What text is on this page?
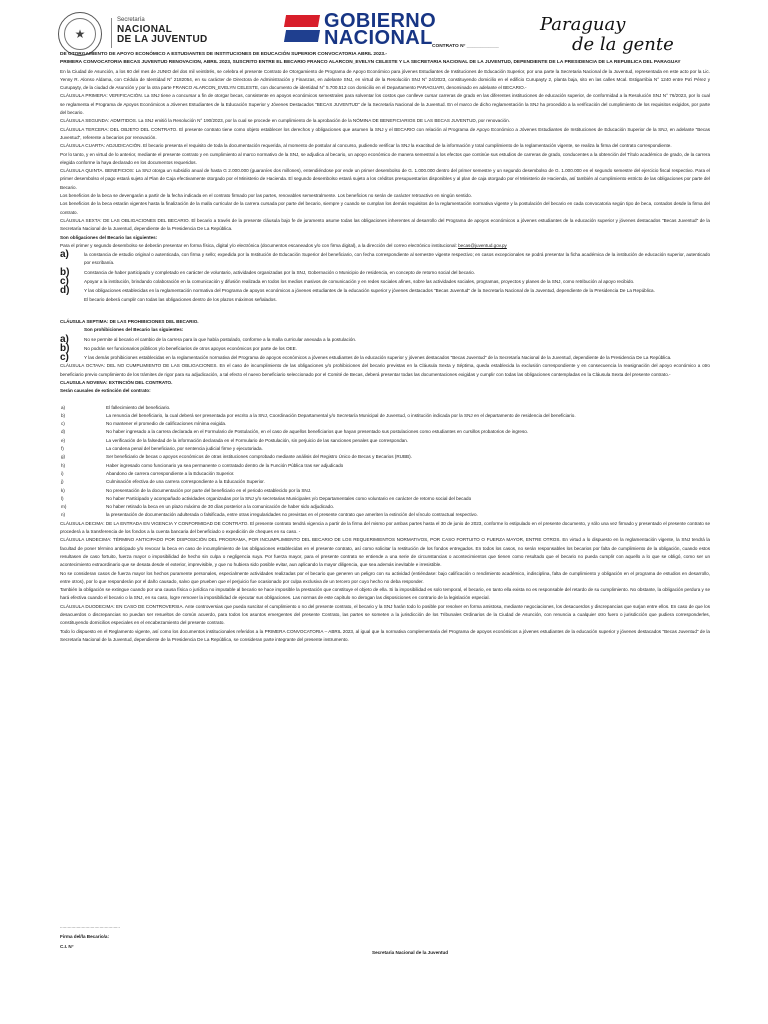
★
Secretaría
NACIONAL
DE LA JUVENTUD
GOBIERNO
NACIONAL
Paraguay
de la gente
CONTRATO N° ____________

DE OTORGAMIENTO DE APOYO ECONÓMICO A ESTUDIANTES DE INSTITUCIONES DE EDUCACIÓN SUPERIOR CONVOCATORIA ABRIL 2023.-

PRIMERA CONVOCATORIA BECAS JUVENTUD RENOVACION, ABRIL 2023, SUSCRITO ENTRE EL BECARIO FRANCO ALARCON_EVELYN CELESTE Y LA SECRETARIA NACIONAL DE LA JUVENTUD, DEPENDIENTE DE LA PRESIDENCIA DE LA REPUBLICA DEL PARAGUAY

En la Ciudad de Asunción, a los 60 del mes de JUNIO del dos mil veintitrés, se celebra el presente Contrato de Otorgamiento de Programa de Apoyo Económico para jóvenes Estudiantes de Instituciones de Educación Superior, por una parte la Secretaria Nacional de la Juventud, representada en este acto por la Lic. Yenny R. Alonso Aldama, con Cédula de Identidad N° 2182054, en su carácter de Directora de Administración y Finanzas, en adelante SNJ, en virtud de la Resolución SNJ N° 24/2023, constituyendo domicilio en el edificio Curupayty 2, planta baja, sito en las calles Mcal. Estigarribia N° 1240 entre Pa'i Pérez y Curupayty, de la ciudad de Asunción y por la otra parte FRANCO ALARCON_EVELYN CELESTE, con documento de identidad N° 5.700.512 con domicilio en el Departamento PARAGUARI, denominado en adelante el BECARIO.-

CLÁUSULA PRIMERA: VERIFICACIÓN. La SNJ tiene a concursar a fin de otorgar becas, consistente en apoyos económicos semestrales para solventar los costos que conlleve cursar carreras de grado en las diferentes instituciones de educación superior, de conformidad a la Resolución SNJ N° 76/2023, por lo cual se reglamenta el Programa de Apoyos Económicos a Jóvenes Estudiantes de la Educación Superior y Jóvenes Destacados "BECAS JUVENTUD" de la Secretaría Nacional de la Juventud. En el marco de dicho reglamentación la SNJ ha procedido a la verificación del cumplimiento de los requisitos exigidos, por parte del becario.

CLÁUSULA SEGUNDA: ADMITIDOS. La SNJ emitió la Resolución N° 190/2023, por la cual se procede en cumplimiento de la aprobación de la NÓMINA DE BENEFICIARIOS DE LAS BECAS JUVENTUD, por renovación.

CLÁUSULA TERCERA: DEL OBJETO DEL CONTRATO. El presente contrato tiene como objeto establecer los derechos y obligaciones que asumen la SNJ y el BECARIO con relación al Programa de Apoyo Económico a Jóvenes Estudiantes de Instituciones de Educación Superior de la SNJ, en adelante "Becas Juventud", referente a becarios por renovación.

CLÁUSULA CUARTA: ADJUDICACIÓN. El becario presenta el requisito de toda la documentación requerida, al momento de postular al concurso, pudiendo verificar la SNJ la exactitud de la información y total cumplimiento de la reglamentación vigente, se realiza la firma del contrato correspondiente.

Por lo tanto, y en virtud de lo anterior, mediante el presente contrato y en cumplimiento al marco normativo de la SNJ, se adjudica al becario, un apoyo económico de manera semestral a los efectos que continúe sus estudios de carreras de grado, conducentes a la obtención del Título académico de grado, de la carrera elegida conforme la haya declarado en los documentos requeridos.

CLÁUSULA QUINTA. BENEFICIOS: La SNJ otorga un subsidio anual de hasta G 2.000.000 (guaraníes dos millones), entendiéndose por ende un primer desembolso de G. 1.000.000 dentro del primer semestre y un segundo desembolso de G. 1.000.000 en el segundo semestre del ejercicio fiscal respectivo. Para el primer desembolso el pago estará sujeto al Plan de Caja efectivamente otorgado por el Ministerio de Hacienda. El segundo desembolso estará sujeto a los créditos presupuestarios disponibles y al plan de caja otorgado por el Ministerio de Hacienda, así también al cumplimiento estricto de las obligaciones por parte del Becario.

Los beneficios de la beca se devengarán a partir de la fecha indicada en el contrato firmado por las partes, renovables semestralmente. Los beneficios no serán de carácter retroactivo en ningún sentido.

Los beneficios de la beca estarán vigentes hasta la finalización de la malla curricular de la carrera cursada por parte del becario, siempre y cuando se cumplan los demás requisitos de la reglamentación normativa vigente y la postulación del becario en cada convocatoria según tipo de beca, contados desde la firma del contrato.

CLÁUSULA SEXTA: DE LAS OBLIGACIONES DEL BECARIO. El becario a través de la presente cláusula bajo fe de juramento asume todas las obligaciones inherentes al desarrollo del Programa de apoyos económicos a jóvenes estudiantes de la educación superior y jóvenes destacados "Becas Juventud" de la Secretaría Nacional de la Juventud, dependiente de la Presidencia De La República.

Son obligaciones del Becario las siguientes:

Para el primer y segundo desembolso se deberán presentar en forma física, digital y/o electrónica (documentos escaneados y/o con firma digital), a la dirección del correo electrónico institucional: becas@juventud.gov.py

a)	la constancia de estudio original o autenticada, con firma y sello; expedida por la Institución de Educación Superior del beneficiario, con fecha correspondiente al semestre vigente respectivo; en casos excepcionales se podrá presentar la ficha académica de la institución de educación superior, autenticado por escribanía.
b)	Constancia de haber participado y completado en carácter de voluntario, actividades organizadas por la SNJ, Gobernación o Municipio de residencia, en concepto de retorno social del becario.
c)	Apoyar a la institución, brindando colaboración en la comunicación y difusión realizada en todos los medios masivos de comunicación y en redes sociales afines, sobre las actividades sociales, programas, proyectos y planes de la SNJ, como retribución al apoyo recibido.
d)	Y las obligaciones establecidas en la reglamentación normativa del Programa de apoyos económicos a jóvenes estudiantes de la educación superior y jóvenes destacados "Becas Juventud" de la Secretaría Nacional de la Juventud, dependiente de la Presidencia De La República.

El becario deberá cumplir con todas las obligaciones dentro de los plazos máximos señalados.

CLÁUSULA SEPTIMA: DE LAS PROHIBICIONES DEL BECARIO.

Son prohibiciones del Becario las siguientes:

a)	No se permite al becario el cambio de la carrera para la que había postulado, conforme a la malla curricular anexada a la postulación.
b)	No podrán ser funcionarios públicos y/o beneficiarios de otros apoyos económicos por parte de los OEE.
c)	Y las demás prohibiciones establecidas en la reglamentación normativa del Programa de apoyos económicos a jóvenes estudiantes de la educación superior y jóvenes destacados "Becas Juventud" de la Secretaría Nacional de la Juventud, dependiente de la Presidencia De La República.

CLÁUSULA OCTAVA: DEL NO CUMPLIMIENTO DE LAS OBLIGACIONES. En el caso de incumplimiento de las obligaciones y/o prohibiciones del becario previstas en la Cláusula Sexta y Séptima, queda establecida la exclusión correspondiente y en consecuencia la reasignación del apoyo económico a otro beneficiario previo cumplimiento de los trámites de rigor para su adjudicación, a tal efecto el nuevo beneficiario seleccionado por el Comité de Becas, deberá presentar todas las documentaciones exigidas y cumplir con todas las obligaciones contempladas en la Cláusula Sexta del presente contrato.-

CLAUSULA NOVENA: EXTINCIÓN DEL CONTRATO.

Serán causales de extinción del contrato:

a)	El fallecimiento del beneficiario.
b)	La renuncia del beneficiario, la cual deberá ser presentada por escrito a la SNJ, Coordinación Departamental y/o Secretaría Municipal de Juventud, o institución indicada por la SNJ en el departamento de residencia del beneficiario.
c)	No mantener el promedio de calificaciones mínima exigida.
d)	No haber ingresado a la carrera declarada en el Formulario de Postulación, en el caso de aquellos beneficiarios que hayan presentado sus postulaciones como estudiantes en cursillos probatorios de ingreso.
e)	La verificación de la falsedad de la información declarada en el Formulario de Postulación, sin perjuicio de las sanciones penales que correspondan.
f)	La condena penal del beneficiario, por sentencia judicial firme y ejecutoriada.
g)	Ser beneficiario de becas o apoyos económicos de otras instituciones comprobado mediante análisis del Registro Único de Becas y Becarios (RUBB).
h)	Haber ingresado como funcionario ya sea permanente o contratado dentro de la Función Pública tras ser adjudicado
i)	Abandono de carrera correspondiente a la Educación Superior.
j)	Culminación efectiva de una carrera correspondiente a la Educación Superior.
k)	No presentación de la documentación por parte del beneficiario en el periodo establecido por la SNJ.
l)	No haber Participado y acompañado actividades organizadas por la SNJ y/o secretarias Municipales y/o Departamentales como voluntario en carácter de retorno social del becado
m)	No haber retirado la beca en un plazo máximo de 30 días posterior a la comunicación de haber sido adjudicado.
n)	la presentación de documentación adulterada o falsificada, entre otras irregularidades no previstas en el presente contrato que ameriten la extinción del vínculo contractual respectivo.

CLÁUSULA DECIMA: DE LA ENTRADA EN VIGENCIA Y CONFORMIDAD DE CONTRATO. El presente contrato tendrá vigencia a partir de la firma del mismo por ambas partes hasta el 30 de junio de 2023, conforme lo estipulado en el presente documento, y sólo una vez firmado y presentado el presente contrato se procederá a la transferencia de los fondos a la cuenta bancaria del beneficiado o expedición de cheques en su caso. -

CLÁUSULA UNDECIMA: TÉRMINO ANTICIPADO POR DISPOSICIÓN DEL PROGRAMA, POR INCUMPLIMIENTO DEL BECARIO DE LOS REQUERIMIENTOS NORMATIVOS, POR CASO FORTUITO O FUERZA MAYOR, ENTRE OTROS. En virtud a lo dispuesto en la reglamentación vigente, la SNJ tendrá la facultad de poner término anticipado y/o revocar la beca en caso de incumplimiento de las obligaciones establecidas en el presente contrato, así como solicitar la restitución de los fondos entregados. En todos los casos, no serán responsables los becarios por falta de cumplimiento de la obligación, cuando estos resultasen de caso fortuito, fuerza mayor o imposibilidad de hecho sin culpa o negligencia suya. Por fuerza mayor, para el presente contrato se entiende a una serie de circunstancias o acontecimientos que tienen como resultado que el becario no pueda cumplir con aquello a lo que se obligó, como ser un acontecimiento extraordinario que se desata desde el exterior, imprevisible, y que no hubiera sido posible evitar, aun aplicando la mayor diligencia, que sea además inevitable e irresistible.

No se consideran casos de fuerza mayor los hechos puramente personales, especialmente actividades realizadas por el becario que generen un peligro con su actividad (entiéndase: bajo calificación o rendimiento académico, indisciplina, falta de cumplimiento y obligación en el programa de estudios en desarrollo, entre otros), por lo que responderán por el daño causado, salvo que prueben que el perjuicio fue ocasionado por culpa exclusiva de un tercero por cuyo hecho no deba responder.

También la obligación se extingue cuando por una causa física o jurídica no imputable al becario se hace imposible la prestación que constituye el objeto de ella. Si la imposibilidad es solo temporal, el becario, en tanto ella exista no es responsable del retardo de su cumplimiento. No obstante, la obligación perdura y se hará efectiva cuando el becario o la SNJ, en su caso, logre remover la imposibilidad de ejecutar sus obligaciones. Las normas de este capítulo no derogan las disposiciones en contrario de la legislación especial.

CLÁUSULA DUODECIMA: EN CASO DE CONTROVERSIA. Ante controversias que pueda suscitar el cumplimiento o no del presente contrato, el becario y la SNJ harán todo lo posible por resolver en forma amistosa, mediante negociaciones, los desacuerdos y discrepancias que surjan entre ellos. En caso de que los desacuerdos o discrepancias no puedan ser resueltos de común acuerdo, para todos los asuntos emergentes del presente Contrato, las partes se someten a la jurisdicción de los Tribunales Ordinarios de la Ciudad de Asunción, con renuncia a cualquier otro fuero o jurisdicción que pudiera corresponderles, constituyendo domicilios especiales en el encabezamiento del presente contrato.

Todo lo dispuesto en el Reglamento vigente, así como los documentos institucionales referidos a la PRIMERA CONVOCATORIA – ABRIL 2023, al igual que la normativa complementaria del Programa de apoyos económicos a jóvenes estudiantes de la educación superior y jóvenes destacados "Becas Juventud" de la Secretaría Nacional de la Juventud, dependiente de la Presidencia De La República, se consideran parte integrante del presente instrumento.

...............................................
Firma del/la Becario/a:
C.I. N°
Secretaria Nacional de la Juventud
